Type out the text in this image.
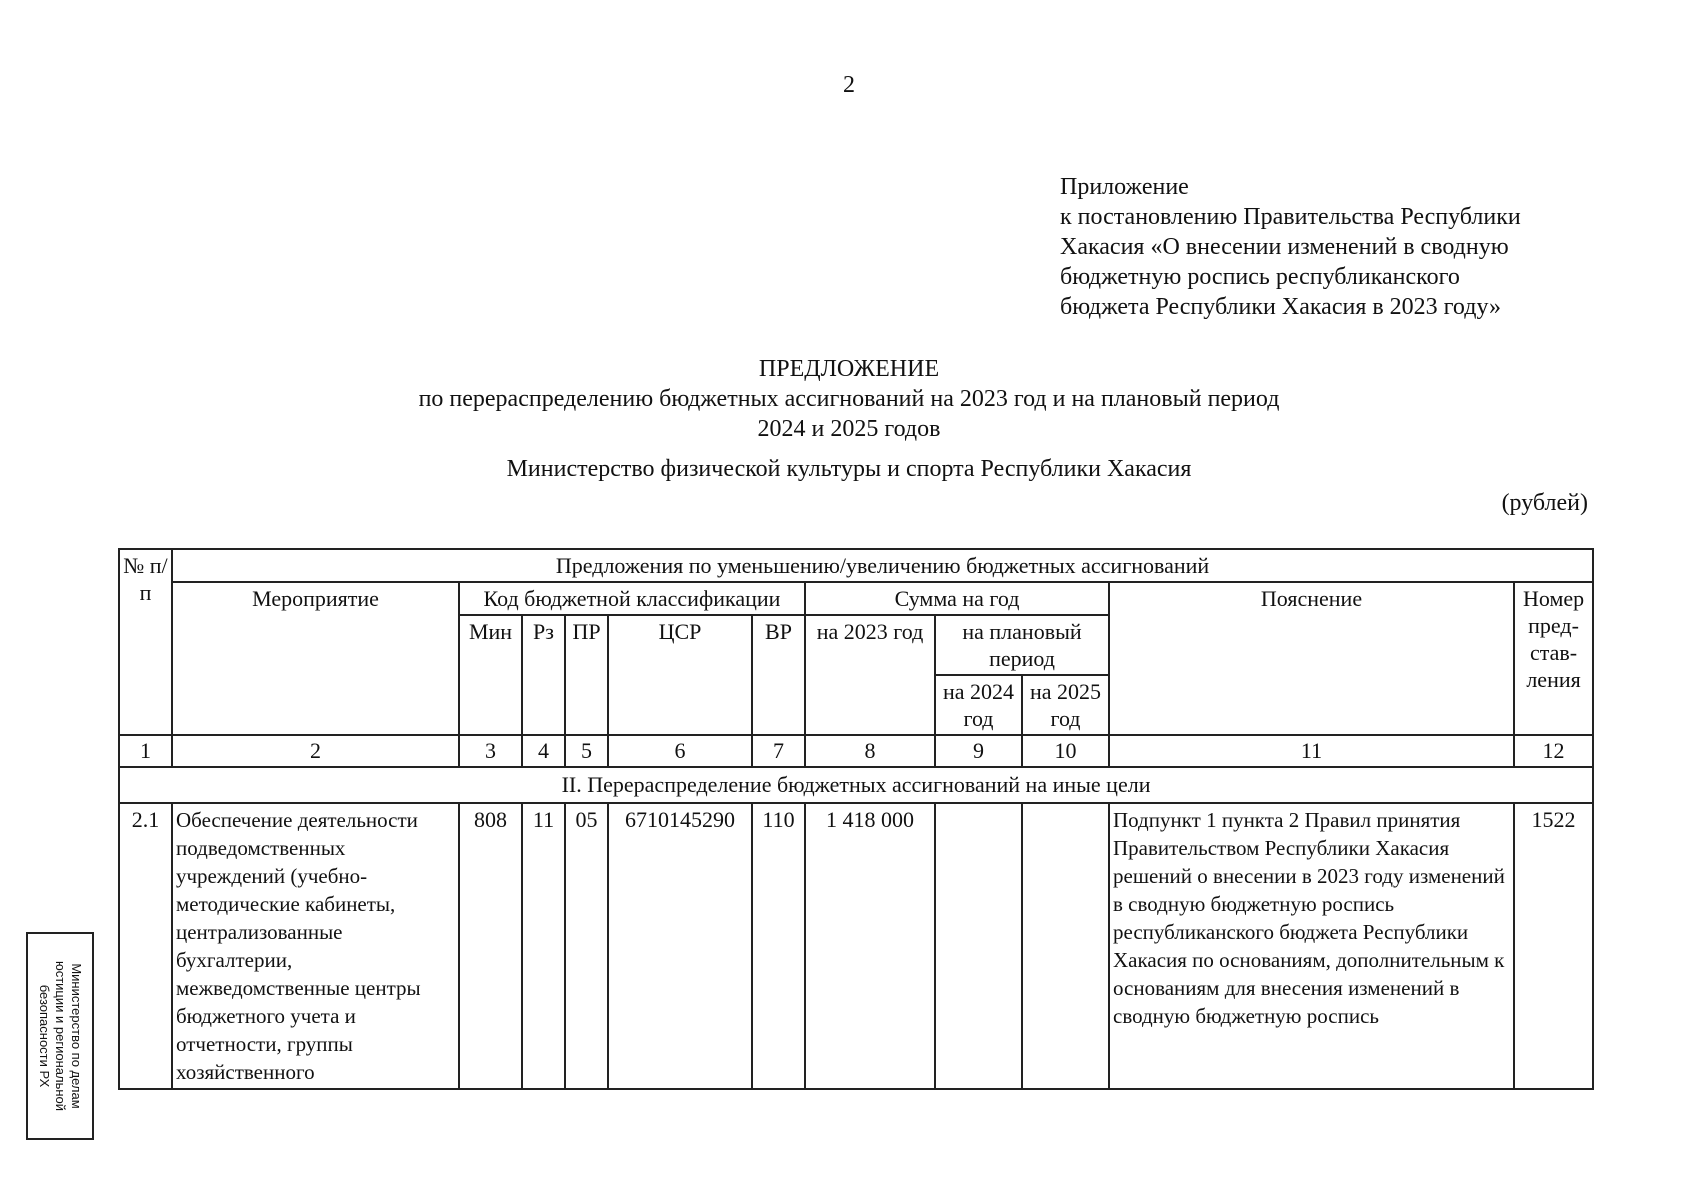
2
Приложение
к постановлению Правительства Республики
Хакасия «О внесении изменений в сводную
бюджетную роспись республиканского
бюджета Республики Хакасия в 2023 году»
ПРЕДЛОЖЕНИЕ
по перераспределению бюджетных ассигнований на 2023 год и на плановый период
2024 и 2025 годов
Министерство физической культуры и спорта Республики Хакасия
(рублей)
№ п/п	Предложения по уменьшению/увеличению бюджетных ассигнований										
	Мероприятие	Код бюджетной классификации					Сумма на год			Пояснение	Номер пред-став-ления
		Мин	Рз	ПР	ЦСР	ВР	на 2023 год	на плановый период			
								на 2024 год	на 2025 год		
1	2	3	4	5	6	7	8	9	10	11	12
II. Перераспределение бюджетных ассигнований на иные цели											
2.1	Обеспечение деятельности подведомственных учреждений (учебно-методические кабинеты, централизованные бухгалтерии, межведомственные центры бюджетного учета и отчетности, группы хозяйственного	808	11	05	6710145290	110	1 418 000			Подпункт 1 пункта 2 Правил принятия Правительством Республики Хакасия решений о внесении в 2023 году изменений в сводную бюджетную роспись республиканского бюджета Республики Хакасия по основаниям, дополнительным к основаниям для внесения изменений в сводную бюджетную роспись	1522
Министерство по делам
юстиции и региональной
безопасности РХ
